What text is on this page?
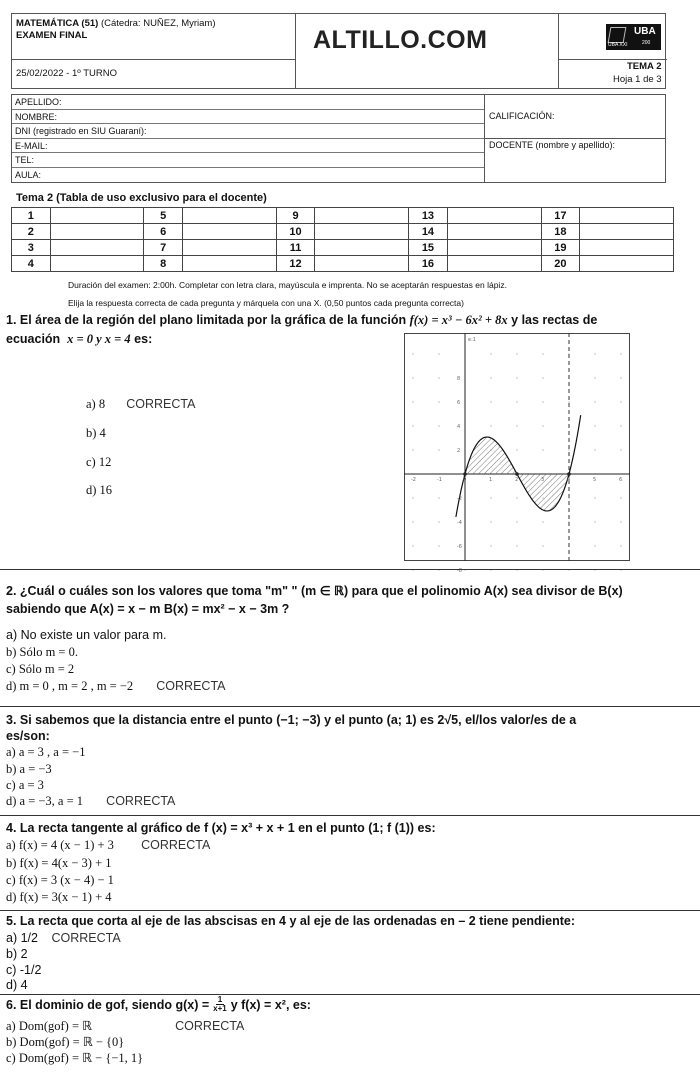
MATEMÁTICA (51) (Cátedra: NUÑEZ, Myriam)
EXAMEN FINAL	ALTILLO.COM
25/02/2022 - 1º TURNO
UBA
UBA XXI	200
TEMA 2
Hoja 1 de 3
APELLIDO:
NOMBRE:
DNI (registrado en SIU Guaraní):
E-MAIL:
TEL:
AULA:
CALIFICACIÓN:
DOCENTE (nombre y apellido):
Tema 2 (Tabla de uso exclusivo para el docente)
1		5		9		13		17	
2		6		10		14		18	
3		7		11		15		19	
4		8		12		16		20	
Duración del examen: 2:00h. Completar con letra clara, mayúscula e imprenta. No se aceptarán respuestas en lápiz.
Elija la respuesta correcta de cada pregunta y márquela con una X. (0,50 puntos cada pregunta correcta)
1. El área de la región del plano limitada por la gráfica de la función f(x) = x³ − 6x² + 8x y las rectas de
ecuación x = 0 y x = 4 es:
a) 8 CORRECTA
b) 4
c) 12
d) 16
e:1
-2	-1	0	1	2	3	4	5	6
8
6
4
2
-2
-4
-6
-8
2. ¿Cuál o cuáles son los valores que toma "m" " (m ∈ ℝ) para que el polinomio A(x) sea divisor de B(x)
sabiendo que A(x) = x − m B(x) = mx² − x − 3m ?
a) No existe un valor para m.
b) Sólo m = 0.
c) Sólo m = 2
d) m = 0 , m = 2 , m = −2 CORRECTA
3. Si sabemos que la distancia entre el punto (−1; −3) y el punto (a; 1) es 2√5, el/los valor/es de a
es/son:
a) a = 3 , a = −1
b) a = −3
c) a = 3
d) a = −3, a = 1 CORRECTA
4. La recta tangente al gráfico de f (x) = x³ + x + 1 en el punto (1; f (1)) es:
a) f(x) = 4 (x − 1) + 3 CORRECTA
b) f(x) = 4(x − 3) + 1
c) f(x) = 3 (x − 4) − 1
d) f(x) = 3(x − 1) + 4
5. La recta que corta al eje de las abscisas en 4 y al eje de las ordenadas en – 2 tiene pendiente:
a) 1/2 CORRECTA
b) 2
c) -1/2
d) 4
6. El dominio de gof, siendo $g(x) = \frac{1}{x+1}$ y f(x) = x², es:
a) Dom(gof) = ℝ	CORRECTA
b) Dom(gof) = ℝ − {0}
c) Dom(gof) = ℝ − {−1, 1}
